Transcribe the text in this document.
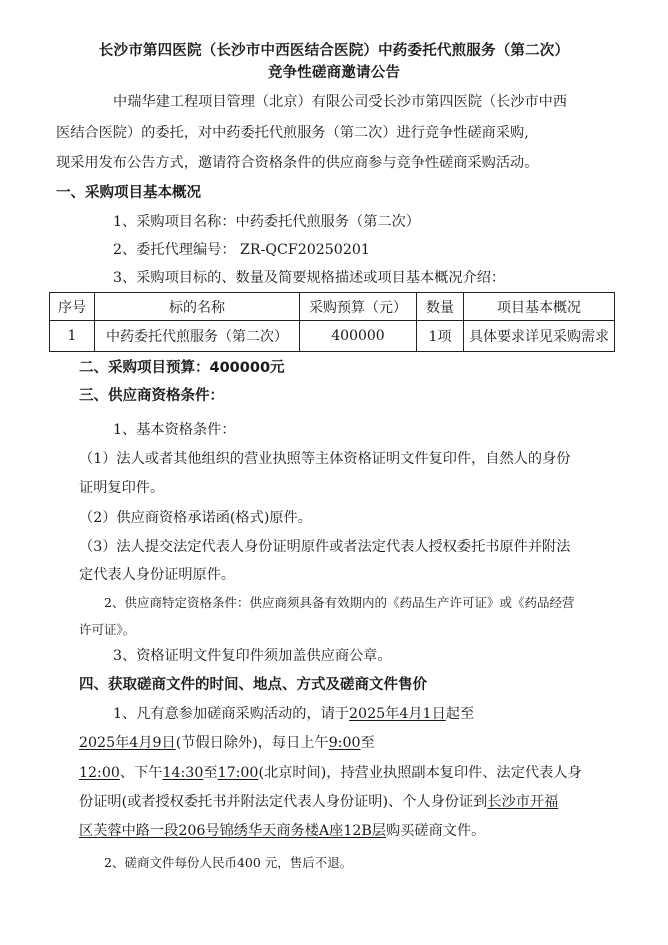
长沙市第四医院（长沙市中西医结合医院）中药委托代煎服务（第二次）
竞争性磋商邀请公告
中瑞华建工程项目管理（北京）有限公司受长沙市第四医院（长沙市中西
医结合医院）的委托，对中药委托代煎服务（第二次）进行竞争性磋商采购,
现采用发布公告方式，邀请符合资格条件的供应商参与竞争性磋商采购活动。
一、采购项目基本概况
1、采购项目名称：中药委托代煎服务（第二次）
2、委托代理编号： ZR-QCF20250201
3、采购项目标的、数量及简要规格描述或项目基本概况介绍：
序号	标的名称	采购预算（元）	数量	项目基本概况
1	中药委托代煎服务（第二次）	400000	1项	具体要求详见采购需求
二、采购项目预算：400000元
三、供应商资格条件：
1、基本资格条件：
（1）法人或者其他组织的营业执照等主体资格证明文件复印件，自然人的身份
证明复印件。
（2）供应商资格承诺函(格式)原件。
（3）法人提交法定代表人身份证明原件或者法定代表人授权委托书原件并附法
定代表人身份证明原件。
2、供应商特定资格条件：供应商须具备有效期内的《药品生产许可证》或《药品经营
许可证》。
3、资格证明文件复印件须加盖供应商公章。
四、获取磋商文件的时间、地点、方式及磋商文件售价
1、凡有意参加磋商采购活动的，请于2025年4月1日起至
2025年4月9日(节假日除外)，每日上午9:00至
12:00、下午14:30至17:00(北京时间)，持营业执照副本复印件、法定代表人身
份证明(或者授权委托书并附法定代表人身份证明)、个人身份证到长沙市开福
区芙蓉中路一段206号锦绣华天商务楼A座12B层购买磋商文件。
2、磋商文件每份人民币400 元，售后不退。
